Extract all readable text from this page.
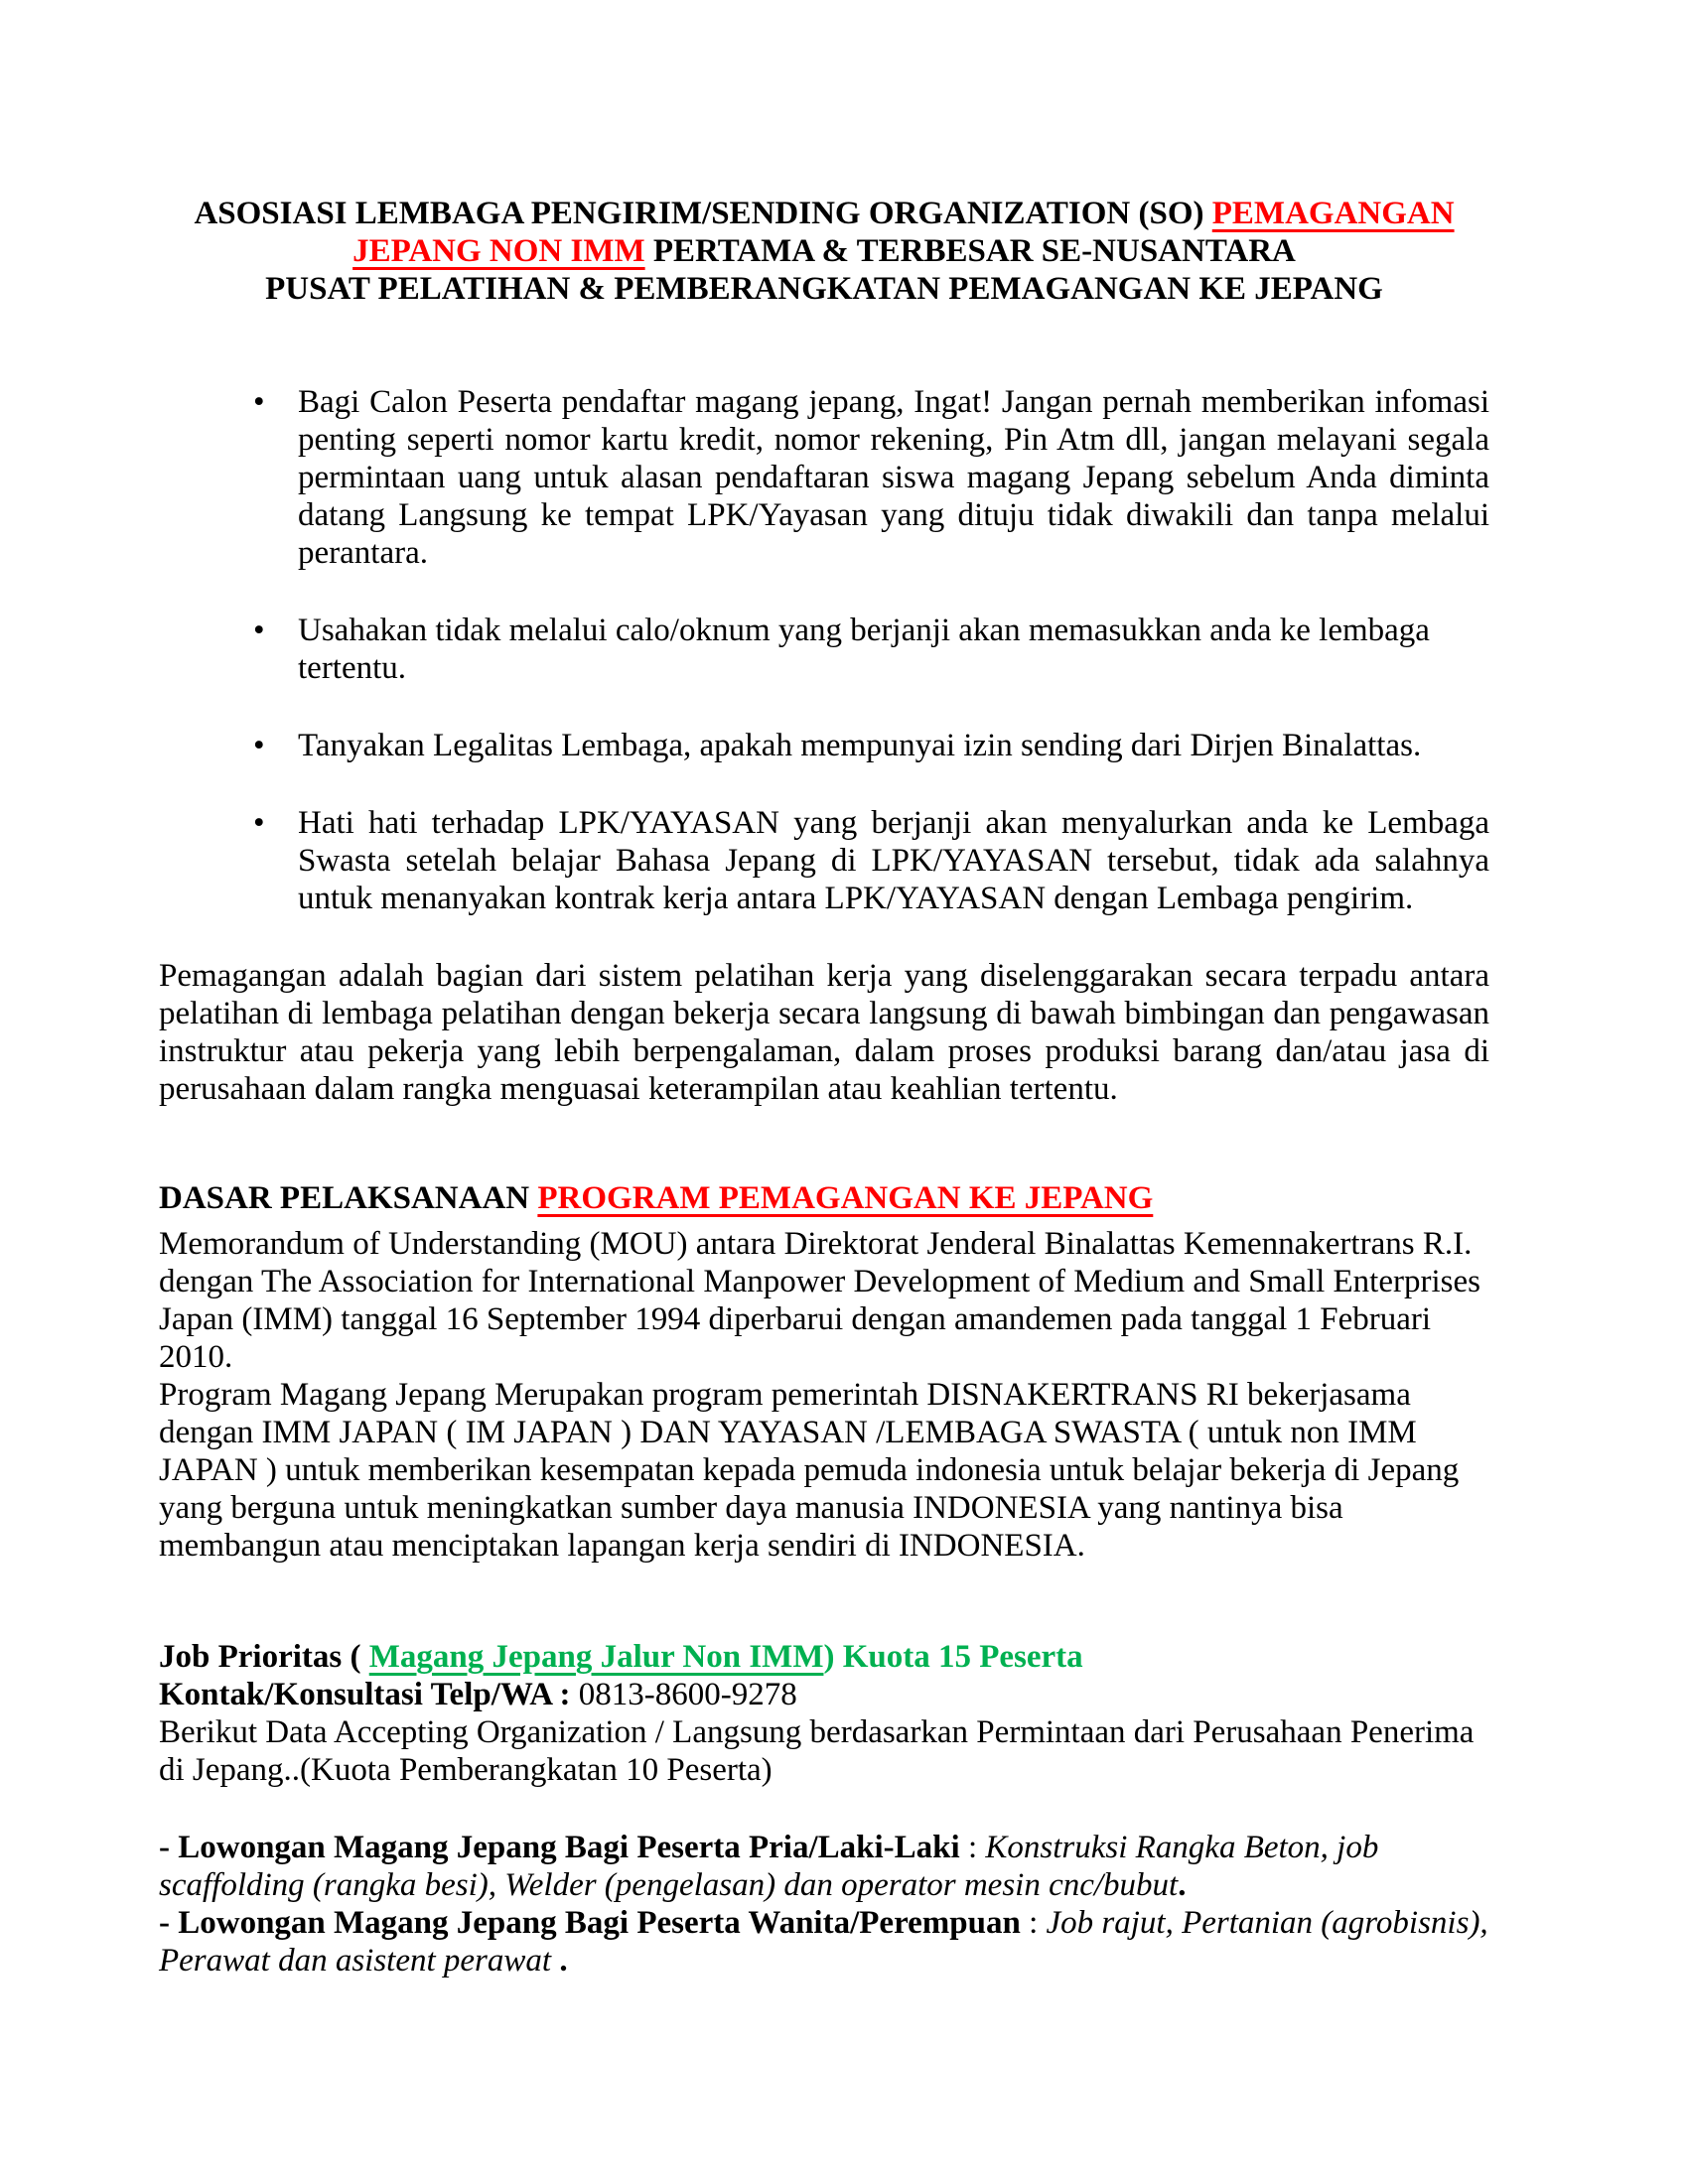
ASOSIASI LEMBAGA PENGIRIM/SENDING ORGANIZATION (SO) PEMAGANGAN
JEPANG NON IMM PERTAMA & TERBESAR SE-NUSANTARA
PUSAT PELATIHAN & PEMBERANGKATAN PEMAGANGAN KE JEPANG
• Bagi Calon Peserta pendaftar magang jepang, Ingat! Jangan pernah memberikan infomasi penting seperti nomor kartu kredit, nomor rekening, Pin Atm dll, jangan melayani segala permintaan uang untuk alasan pendaftaran siswa magang Jepang sebelum Anda diminta datang Langsung ke tempat LPK/Yayasan yang dituju tidak diwakili dan tanpa melalui perantara.
• Usahakan tidak melalui calo/oknum yang berjanji akan memasukkan anda ke lembaga tertentu.
• Tanyakan Legalitas Lembaga, apakah mempunyai izin sending dari Dirjen Binalattas.
• Hati hati terhadap LPK/YAYASAN yang berjanji akan menyalurkan anda ke Lembaga Swasta setelah belajar Bahasa Jepang di LPK/YAYASAN tersebut, tidak ada salahnya untuk menanyakan kontrak kerja antara LPK/YAYASAN dengan Lembaga pengirim.

Pemagangan adalah bagian dari sistem pelatihan kerja yang diselenggarakan secara terpadu antara pelatihan di lembaga pelatihan dengan bekerja secara langsung di bawah bimbingan dan pengawasan instruktur atau pekerja yang lebih berpengalaman, dalam proses produksi barang dan/atau jasa di perusahaan dalam rangka menguasai keterampilan atau keahlian tertentu.

DASAR PELAKSANAAN PROGRAM PEMAGANGAN KE JEPANG

Memorandum of Understanding (MOU) antara Direktorat Jenderal Binalattas Kemennakertrans R.I. dengan The Association for International Manpower Development of Medium and Small Enterprises Japan (IMM) tanggal 16 September 1994 diperbarui dengan amandemen pada tanggal 1 Februari 2010.

Program Magang Jepang Merupakan program pemerintah DISNAKERTRANS RI bekerjasama dengan IMM JAPAN ( IM JAPAN ) DAN YAYASAN /LEMBAGA SWASTA ( untuk non IMM JAPAN ) untuk memberikan kesempatan kepada pemuda indonesia untuk belajar bekerja di Jepang yang berguna untuk meningkatkan sumber daya manusia INDONESIA yang nantinya bisa membangun atau menciptakan lapangan kerja sendiri di INDONESIA.

Job Prioritas ( Magang Jepang Jalur Non IMM) Kuota 15 Peserta

Kontak/Konsultasi Telp/WA : 0813-8600-9278

Berikut Data Accepting Organization / Langsung berdasarkan Permintaan dari Perusahaan Penerima di Jepang..(Kuota Pemberangkatan 10 Peserta)

- Lowongan Magang Jepang Bagi Peserta Pria/Laki-Laki : Konstruksi Rangka Beton, job scaffolding (rangka besi), Welder (pengelasan) dan operator mesin cnc/bubut.

- Lowongan Magang Jepang Bagi Peserta Wanita/Perempuan : Job rajut, Pertanian (agrobisnis), Perawat dan asistent perawat .
